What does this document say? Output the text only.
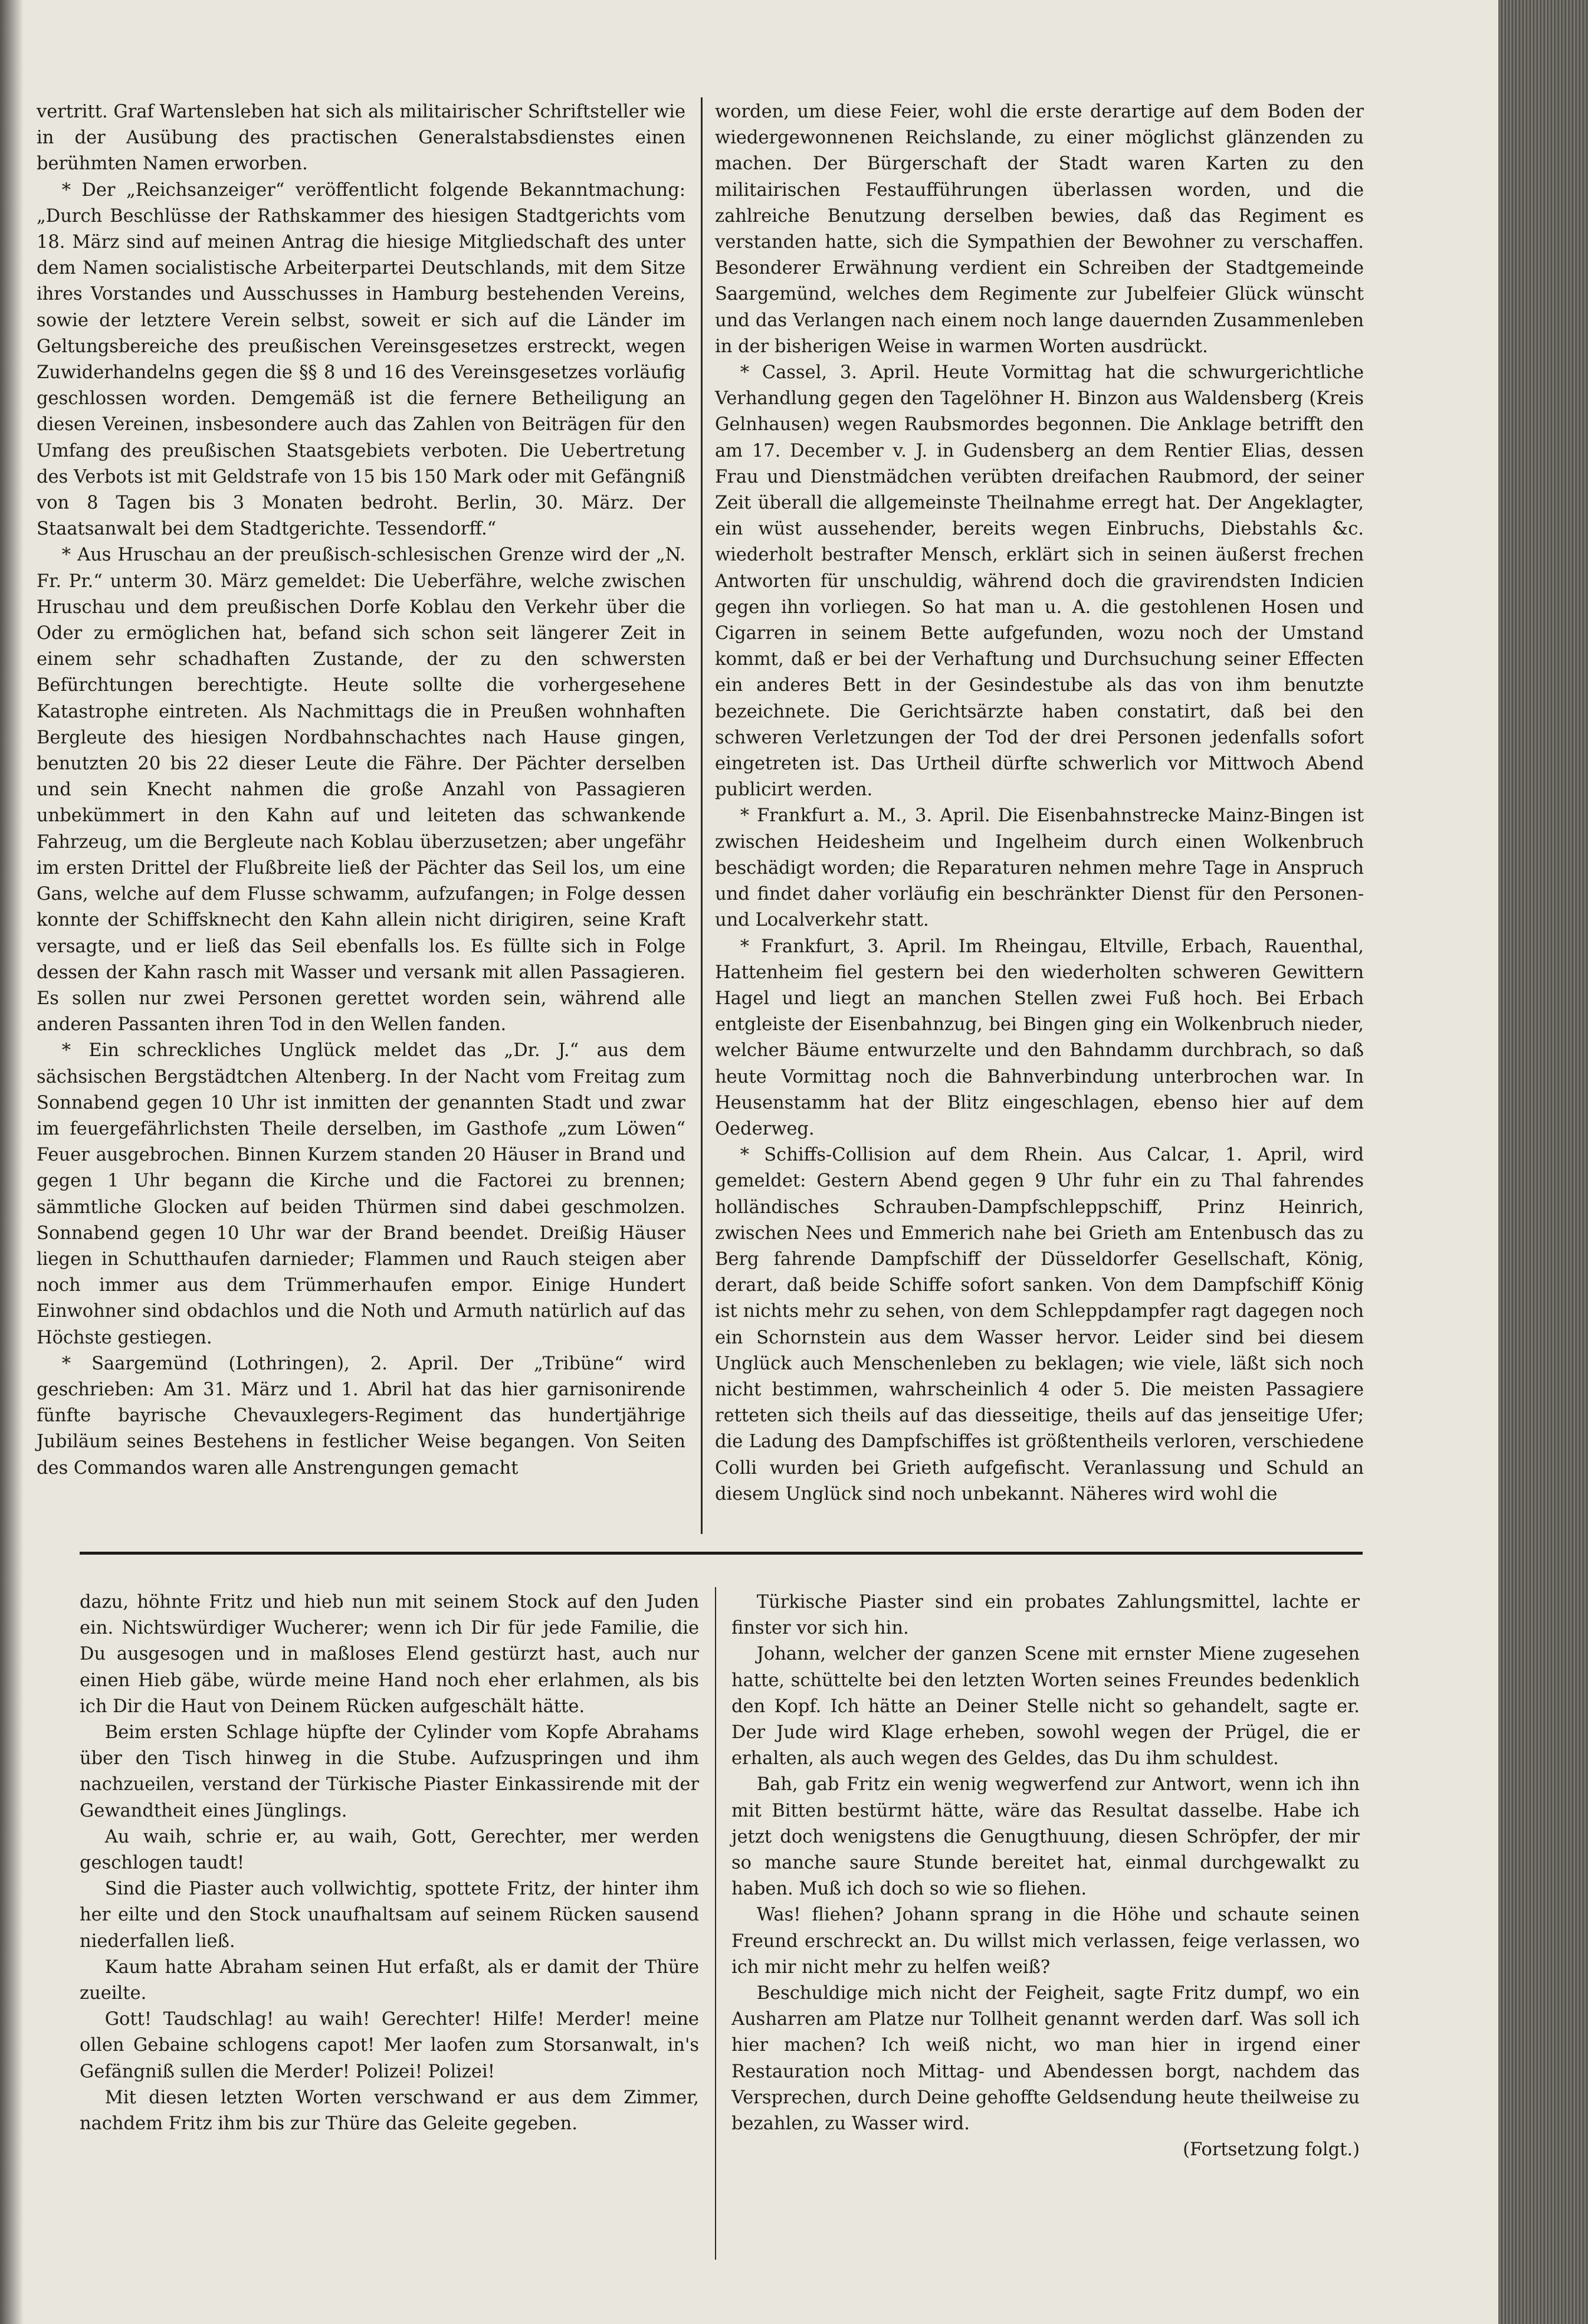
vertritt. Graf Wartensleben hat sich als militairischer Schriftsteller wie in der Ausübung des practischen Generalstabsdienstes einen berühmten Namen erworben.

* Der „Reichsanzeiger“ veröffentlicht folgende Bekanntmachung: „Durch Beschlüsse der Rathskammer des hiesigen Stadtgerichts vom 18. März sind auf meinen Antrag die hiesige Mitgliedschaft des unter dem Namen socialistische Arbeiterpartei Deutschlands, mit dem Sitze ihres Vorstandes und Ausschusses in Hamburg bestehenden Vereins, sowie der letztere Verein selbst, soweit er sich auf die Länder im Geltungsbereiche des preußischen Vereinsgesetzes erstreckt, wegen Zuwiderhandelns gegen die §§ 8 und 16 des Vereinsgesetzes vorläufig geschlossen worden. Demgemäß ist die fernere Betheiligung an diesen Vereinen, insbesondere auch das Zahlen von Beiträgen für den Umfang des preußischen Staatsgebiets verboten. Die Uebertretung des Verbots ist mit Geldstrafe von 15 bis 150 Mark oder mit Gefängniß von 8 Tagen bis 3 Monaten bedroht. Berlin, 30. März. Der Staatsanwalt bei dem Stadtgerichte. Tessendorff.“

* Aus Hruschau an der preußisch-schlesischen Grenze wird der „N. Fr. Pr.“ unterm 30. März gemeldet: Die Ueberfähre, welche zwischen Hruschau und dem preußischen Dorfe Koblau den Verkehr über die Oder zu ermöglichen hat, befand sich schon seit längerer Zeit in einem sehr schadhaften Zustande, der zu den schwersten Befürchtungen berechtigte. Heute sollte die vorhergesehene Katastrophe eintreten. Als Nachmittags die in Preußen wohnhaften Bergleute des hiesigen Nordbahnschachtes nach Hause gingen, benutzten 20 bis 22 dieser Leute die Fähre. Der Pächter derselben und sein Knecht nahmen die große Anzahl von Passagieren unbekümmert in den Kahn auf und leiteten das schwankende Fahrzeug, um die Bergleute nach Koblau überzusetzen; aber ungefähr im ersten Drittel der Flußbreite ließ der Pächter das Seil los, um eine Gans, welche auf dem Flusse schwamm, aufzufangen; in Folge dessen konnte der Schiffsknecht den Kahn allein nicht dirigiren, seine Kraft versagte, und er ließ das Seil ebenfalls los. Es füllte sich in Folge dessen der Kahn rasch mit Wasser und versank mit allen Passagieren. Es sollen nur zwei Personen gerettet worden sein, während alle anderen Passanten ihren Tod in den Wellen fanden.

* Ein schreckliches Unglück meldet das „Dr. J.“ aus dem sächsischen Bergstädtchen Altenberg. In der Nacht vom Freitag zum Sonnabend gegen 10 Uhr ist inmitten der genannten Stadt und zwar im feuergefährlichsten Theile derselben, im Gasthofe „zum Löwen“ Feuer ausgebrochen. Binnen Kurzem standen 20 Häuser in Brand und gegen 1 Uhr begann die Kirche und die Factorei zu brennen; sämmtliche Glocken auf beiden Thürmen sind dabei geschmolzen. Sonnabend gegen 10 Uhr war der Brand beendet. Dreißig Häuser liegen in Schutthaufen darnieder; Flammen und Rauch steigen aber noch immer aus dem Trümmerhaufen empor. Einige Hundert Einwohner sind obdachlos und die Noth und Armuth natürlich auf das Höchste gestiegen.

* Saargemünd (Lothringen), 2. April. Der „Tribüne“ wird geschrieben: Am 31. März und 1. Abril hat das hier garnisonirende fünfte bayrische Chevauxlegers-Regiment das hundertjährige Jubiläum seines Bestehens in festlicher Weise begangen. Von Seiten des Commandos waren alle Anstrengungen gemacht

worden, um diese Feier, wohl die erste derartige auf dem Boden der wiedergewonnenen Reichslande, zu einer möglichst glänzenden zu machen. Der Bürgerschaft der Stadt waren Karten zu den militairischen Festaufführungen überlassen worden, und die zahlreiche Benutzung derselben bewies, daß das Regiment es verstanden hatte, sich die Sympathien der Bewohner zu verschaffen. Besonderer Erwähnung verdient ein Schreiben der Stadtgemeinde Saargemünd, welches dem Regimente zur Jubelfeier Glück wünscht und das Verlangen nach einem noch lange dauernden Zusammenleben in der bisherigen Weise in warmen Worten ausdrückt.

* Cassel, 3. April. Heute Vormittag hat die schwurgerichtliche Verhandlung gegen den Tagelöhner H. Binzon aus Waldensberg (Kreis Gelnhausen) wegen Raubsmordes begonnen. Die Anklage betrifft den am 17. December v. J. in Gudensberg an dem Rentier Elias, dessen Frau und Dienstmädchen verübten dreifachen Raubmord, der seiner Zeit überall die allgemeinste Theilnahme erregt hat. Der Angeklagter, ein wüst aussehender, bereits wegen Einbruchs, Diebstahls &c. wiederholt bestrafter Mensch, erklärt sich in seinen äußerst frechen Antworten für unschuldig, während doch die gravirendsten Indicien gegen ihn vorliegen. So hat man u. A. die gestohlenen Hosen und Cigarren in seinem Bette aufgefunden, wozu noch der Umstand kommt, daß er bei der Verhaftung und Durchsuchung seiner Effecten ein anderes Bett in der Gesindestube als das von ihm benutzte bezeichnete. Die Gerichtsärzte haben constatirt, daß bei den schweren Verletzungen der Tod der drei Personen jedenfalls sofort eingetreten ist. Das Urtheil dürfte schwerlich vor Mittwoch Abend publicirt werden.

* Frankfurt a. M., 3. April. Die Eisenbahnstrecke Mainz-Bingen ist zwischen Heidesheim und Ingelheim durch einen Wolkenbruch beschädigt worden; die Reparaturen nehmen mehre Tage in Anspruch und findet daher vorläufig ein beschränkter Dienst für den Personen- und Localverkehr statt.

* Frankfurt, 3. April. Im Rheingau, Eltville, Erbach, Rauenthal, Hattenheim fiel gestern bei den wiederholten schweren Gewittern Hagel und liegt an manchen Stellen zwei Fuß hoch. Bei Erbach entgleiste der Eisenbahnzug, bei Bingen ging ein Wolkenbruch nieder, welcher Bäume entwurzelte und den Bahndamm durchbrach, so daß heute Vormittag noch die Bahnverbindung unterbrochen war. In Heusenstamm hat der Blitz eingeschlagen, ebenso hier auf dem Oederweg.

* Schiffs-Collision auf dem Rhein. Aus Calcar, 1. April, wird gemeldet: Gestern Abend gegen 9 Uhr fuhr ein zu Thal fahrendes holländisches Schrauben-Dampfschleppschiff, Prinz Heinrich, zwischen Nees und Emmerich nahe bei Grieth am Entenbusch das zu Berg fahrende Dampfschiff der Düsseldorfer Gesellschaft, König, derart, daß beide Schiffe sofort sanken. Von dem Dampfschiff König ist nichts mehr zu sehen, von dem Schleppdampfer ragt dagegen noch ein Schornstein aus dem Wasser hervor. Leider sind bei diesem Unglück auch Menschenleben zu beklagen; wie viele, läßt sich noch nicht bestimmen, wahrscheinlich 4 oder 5. Die meisten Passagiere retteten sich theils auf das diesseitige, theils auf das jenseitige Ufer; die Ladung des Dampfschiffes ist größtentheils verloren, verschiedene Colli wurden bei Grieth aufgefischt. Veranlassung und Schuld an diesem Unglück sind noch unbekannt. Näheres wird wohl die

dazu, höhnte Fritz und hieb nun mit seinem Stock auf den Juden ein. Nichtswürdiger Wucherer; wenn ich Dir für jede Familie, die Du ausgesogen und in maßloses Elend gestürzt hast, auch nur einen Hieb gäbe, würde meine Hand noch eher erlahmen, als bis ich Dir die Haut von Deinem Rücken aufgeschält hätte.

Beim ersten Schlage hüpfte der Cylinder vom Kopfe Abrahams über den Tisch hinweg in die Stube. Aufzuspringen und ihm nachzueilen, verstand der Türkische Piaster Einkassirende mit der Gewandtheit eines Jünglings.

Au waih, schrie er, au waih, Gott, Gerechter, mer werden geschlogen taudt!

Sind die Piaster auch vollwichtig, spottete Fritz, der hinter ihm her eilte und den Stock unaufhaltsam auf seinem Rücken sausend niederfallen ließ.

Kaum hatte Abraham seinen Hut erfaßt, als er damit der Thüre zueilte.

Gott! Taudschlag! au waih! Gerechter! Hilfe! Merder! meine ollen Gebaine schlogens capot! Mer laofen zum Storsanwalt, in's Gefängniß sullen die Merder! Polizei! Polizei!

Mit diesen letzten Worten verschwand er aus dem Zimmer, nachdem Fritz ihm bis zur Thüre das Geleite gegeben.

Türkische Piaster sind ein probates Zahlungsmittel, lachte er finster vor sich hin.

Johann, welcher der ganzen Scene mit ernster Miene zugesehen hatte, schüttelte bei den letzten Worten seines Freundes bedenklich den Kopf. Ich hätte an Deiner Stelle nicht so gehandelt, sagte er. Der Jude wird Klage erheben, sowohl wegen der Prügel, die er erhalten, als auch wegen des Geldes, das Du ihm schuldest.

Bah, gab Fritz ein wenig wegwerfend zur Antwort, wenn ich ihn mit Bitten bestürmt hätte, wäre das Resultat dasselbe. Habe ich jetzt doch wenigstens die Genugthuung, diesen Schröpfer, der mir so manche saure Stunde bereitet hat, einmal durchgewalkt zu haben. Muß ich doch so wie so fliehen.

Was! fliehen? Johann sprang in die Höhe und schaute seinen Freund erschreckt an. Du willst mich verlassen, feige verlassen, wo ich mir nicht mehr zu helfen weiß?

Beschuldige mich nicht der Feigheit, sagte Fritz dumpf, wo ein Ausharren am Platze nur Tollheit genannt werden darf. Was soll ich hier machen? Ich weiß nicht, wo man hier in irgend einer Restauration noch Mittag- und Abendessen borgt, nachdem das Versprechen, durch Deine gehoffte Geldsendung heute theilweise zu bezahlen, zu Wasser wird.

(Fortsetzung folgt.)
